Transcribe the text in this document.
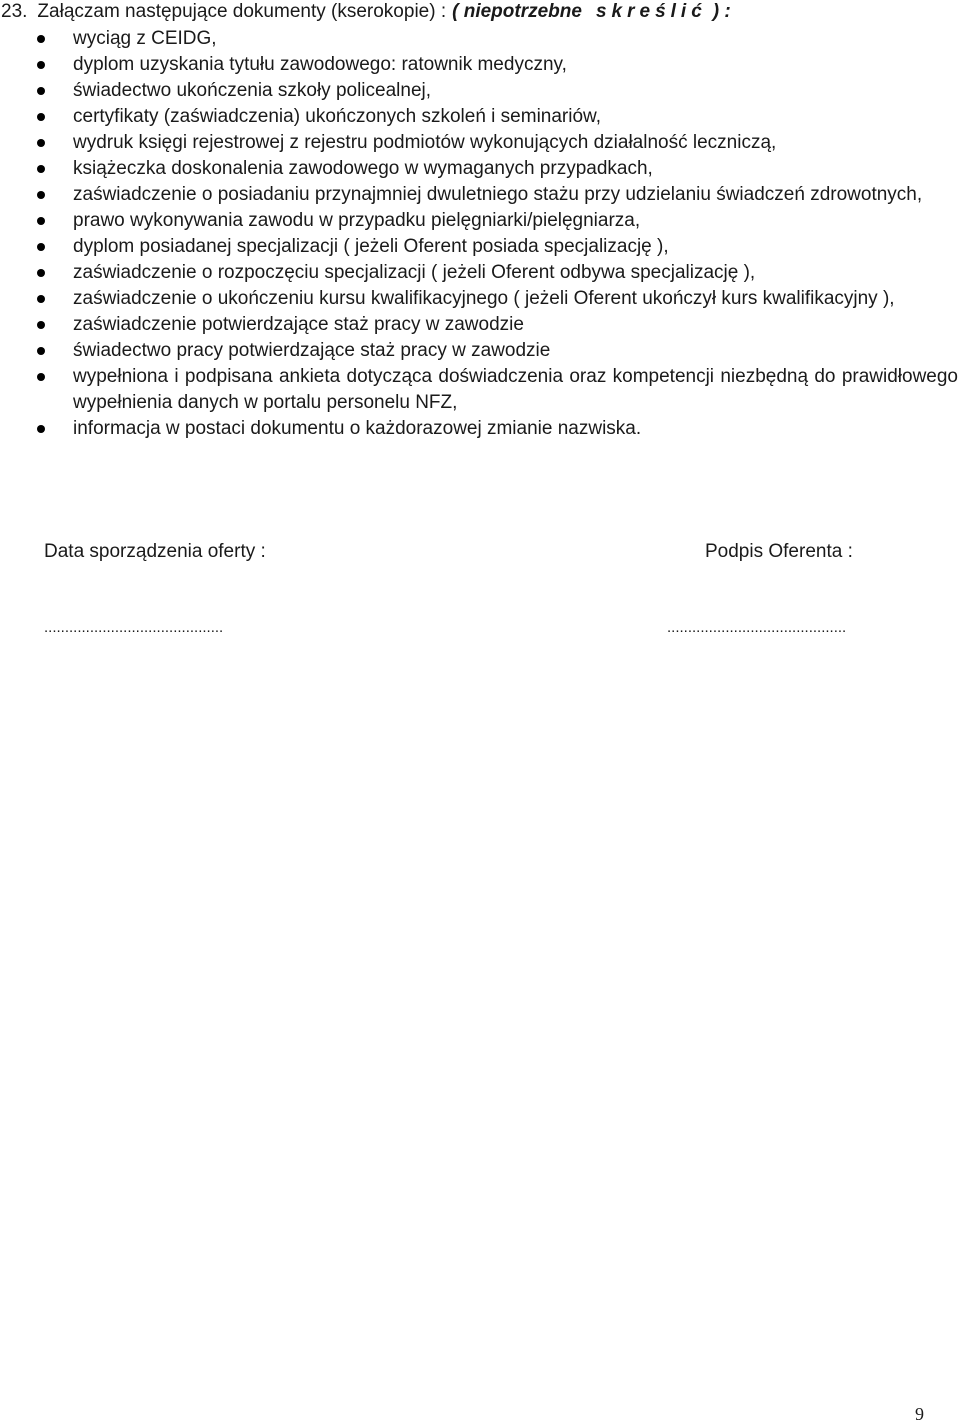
23. Załączam następujące dokumenty (kserokopie) : ( niepotrzebne skreślić ) :
wyciąg z CEIDG,
dyplom uzyskania tytułu zawodowego: ratownik medyczny,
świadectwo ukończenia szkoły policealnej,
certyfikaty (zaświadczenia) ukończonych szkoleń i seminariów,
wydruk księgi rejestrowej z rejestru podmiotów wykonujących działalność leczniczą,
książeczka doskonalenia zawodowego w wymaganych przypadkach,
zaświadczenie o posiadaniu przynajmniej dwuletniego stażu przy udzielaniu świadczeń zdrowotnych,
prawo wykonywania zawodu w przypadku pielęgniarki/pielęgniarza,
dyplom posiadanej specjalizacji ( jeżeli Oferent posiada specjalizację ),
zaświadczenie o rozpoczęciu specjalizacji ( jeżeli Oferent odbywa specjalizację ),
zaświadczenie o ukończeniu kursu kwalifikacyjnego ( jeżeli Oferent ukończył kurs kwalifikacyjny ),
zaświadczenie potwierdzające staż pracy w zawodzie
świadectwo pracy potwierdzające staż pracy w zawodzie
wypełniona i podpisana ankieta dotycząca doświadczenia oraz kompetencji niezbędną do prawidłowego wypełnienia danych w portalu personelu NFZ,
informacja w postaci dokumentu o każdorazowej zmianie nazwiska.
Data sporządzenia oferty :	Podpis Oferenta :
...........................................	...........................................
9
